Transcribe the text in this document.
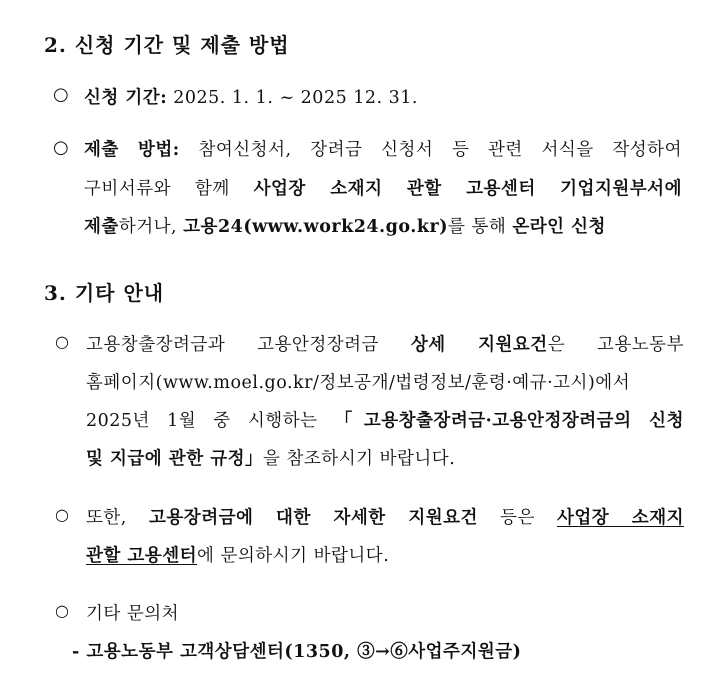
2. 신청 기간 및 제출 방법
○ 신청 기간: 2025. 1. 1. ~ 2025 12. 31.
○ 제출 방법: 참여신청서, 장려금 신청서 등 관련 서식을 작성하여
구비서류와 함께 사업장 소재지 관할 고용센터 기업지원부서에
제출하거나, 고용24(www.work24.go.kr)를 통해 온라인 신청
3. 기타 안내
○ 고용창출장려금과 고용안정장려금 상세 지원요건은 고용노동부
홈페이지(www.moel.go.kr/정보공개/법령정보/훈령·예규·고시)에서
2025년 1월 중 시행하는 「고용창출장려금·고용안정장려금의 신청
및 지급에 관한 규정」을 참조하시기 바랍니다.
○ 또한, 고용장려금에 대한 자세한 지원요건 등은 사업장 소재지
관할 고용센터에 문의하시기 바랍니다.
○ 기타 문의처
- 고용노동부 고객상담센터(1350, ③→⑥사업주지원금)
